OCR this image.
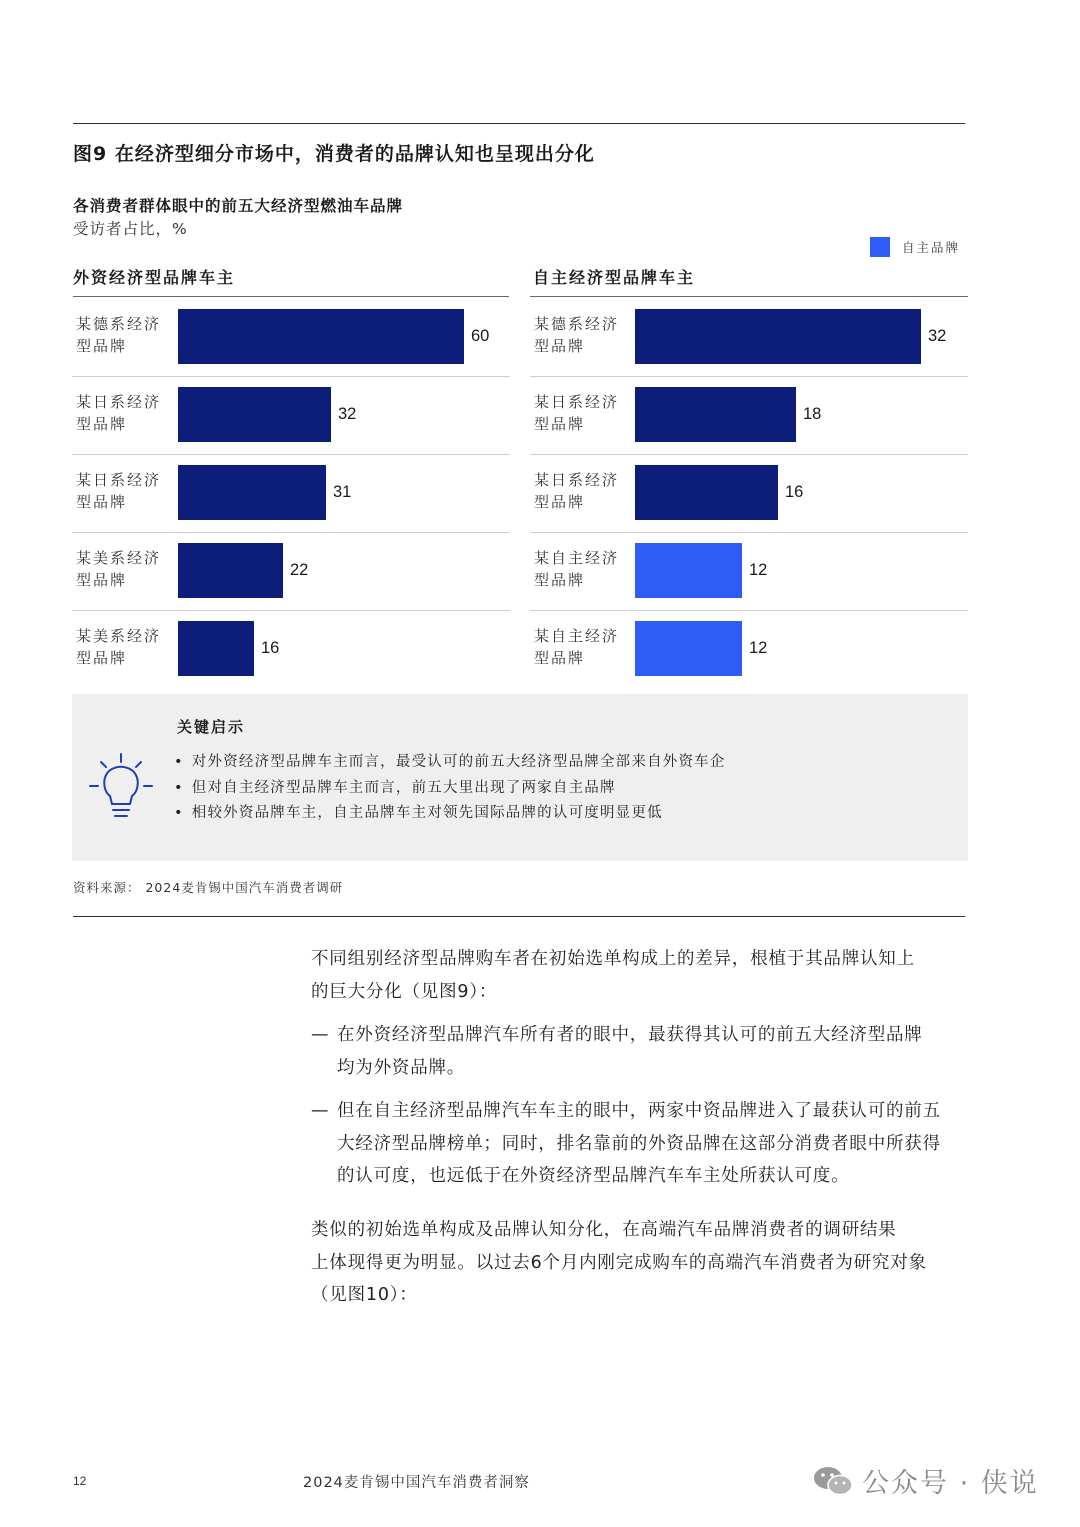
图9 在经济型细分市场中，消费者的品牌认知也呈现出分化
各消费者群体眼中的前五大经济型燃油车品牌
受访者占比，%
自主品牌
外资经济型品牌车主
某德系经济
型品牌
60
某日系经济
型品牌
32
某日系经济
型品牌
31
某美系经济
型品牌
22
某美系经济
型品牌
16
自主经济型品牌车主
某德系经济
型品牌
32
某日系经济
型品牌
18
某日系经济
型品牌
16
某自主经济
型品牌
12
某自主经济
型品牌
12
关键启示
• 对外资经济型品牌车主而言，最受认可的前五大经济型品牌全部来自外资车企
• 但对自主经济型品牌车主而言，前五大里出现了两家自主品牌
• 相较外资品牌车主，自主品牌车主对领先国际品牌的认可度明显更低
资料来源： 2024麦肯锡中国汽车消费者调研
不同组别经济型品牌购车者在初始选单构成上的差异，根植于其品牌认知上
的巨大分化（见图9）：
— 在外资经济型品牌汽车所有者的眼中，最获得其认可的前五大经济型品牌
均为外资品牌。
— 但在自主经济型品牌汽车车主的眼中，两家中资品牌进入了最获认可的前五
大经济型品牌榜单；同时，排名靠前的外资品牌在这部分消费者眼中所获得
的认可度，也远低于在外资经济型品牌汽车车主处所获认可度。
类似的初始选单构成及品牌认知分化，在高端汽车品牌消费者的调研结果
上体现得更为明显。以过去6个月内刚完成购车的高端汽车消费者为研究对象
（见图10）：
12	2024麦肯锡中国汽车消费者洞察	公众号 · 侠说
